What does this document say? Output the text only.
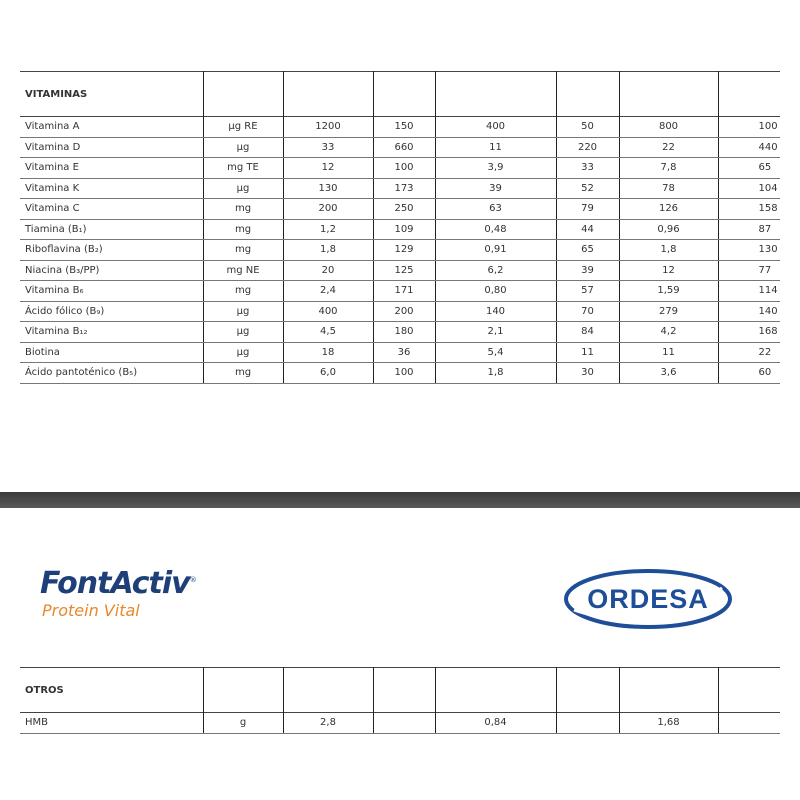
VITAMINAS							
Vitamina A	µg RE	1200	150	400	50	800	100
Vitamina D	µg	33	660	11	220	22	440
Vitamina E	mg TE	12	100	3,9	33	7,8	65
Vitamina K	µg	130	173	39	52	78	104
Vitamina C	mg	200	250	63	79	126	158
Tiamina (B₁)	mg	1,2	109	0,48	44	0,96	87
Riboflavina (B₂)	mg	1,8	129	0,91	65	1,8	130
Niacina (B₃/PP)	mg NE	20	125	6,2	39	12	77
Vitamina B₆	mg	2,4	171	0,80	57	1,59	114
Ácido fólico (B₉)	µg	400	200	140	70	279	140
Vitamina B₁₂	µg	4,5	180	2,1	84	4,2	168
Biotina	µg	18	36	5,4	11	11	22
Ácido pantoténico (B₅)	mg	6,0	100	1,8	30	3,6	60
FontActiv®
Protein Vital	ORDESA
OTROS							
HMB	g	2,8		0,84		1,68	
